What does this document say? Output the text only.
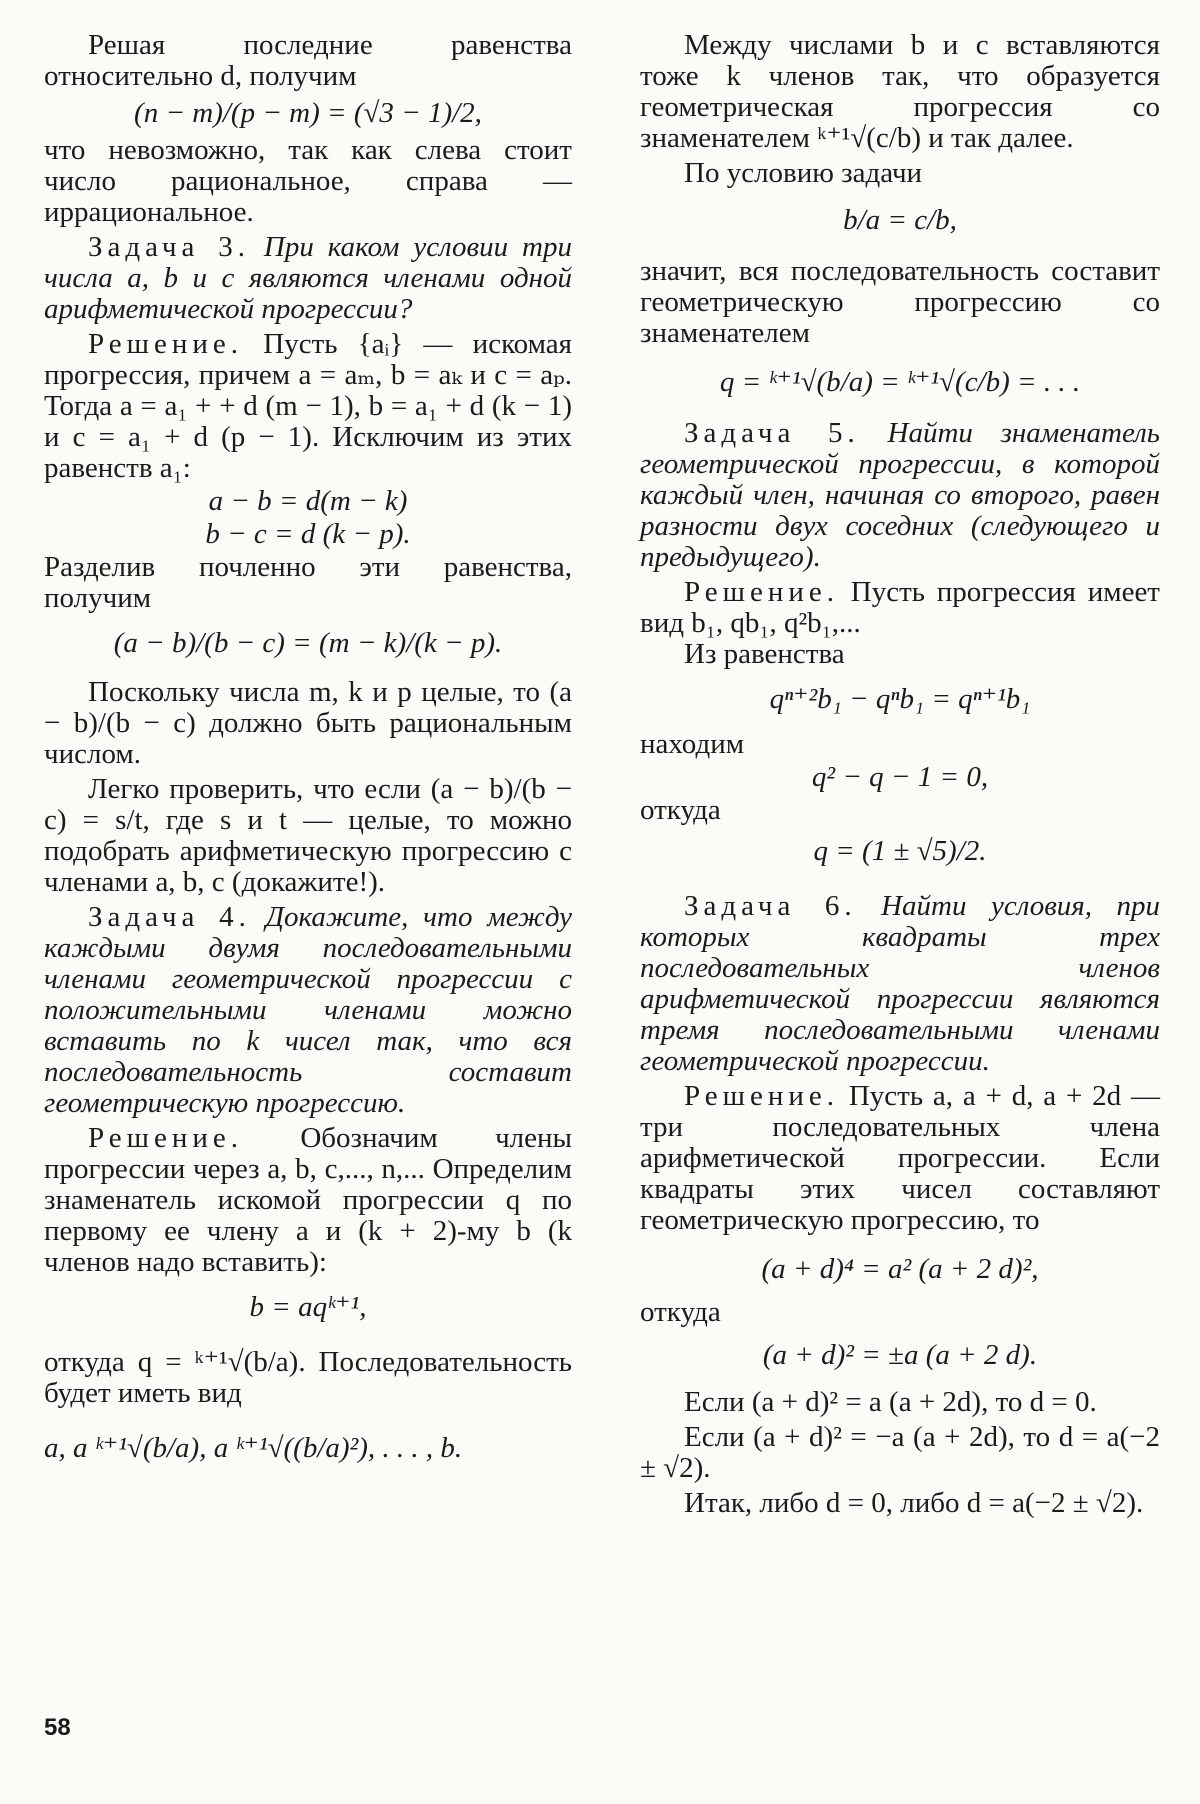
Решая последние равенства относительно d, получим

(n − m)/(p − m) = (√3 − 1)/2,

что невозможно, так как слева стоит число рациональное, справа — иррациональное.

Задача 3. При каком условии три числа a, b и c являются членами одной арифметической прогрессии?

Решение. Пусть {aᵢ} — искомая прогрессия, причем a = aₘ, b = aₖ и c = aₚ. Тогда a = a₁ + + d (m − 1), b = a₁ + d (k − 1) и c = a₁ + d (p − 1). Исключим из этих равенств a₁:

a − b = d(m − k)
b − c = d (k − p).

Разделив почленно эти равенства, получим

(a − b)/(b − c) = (m − k)/(k − p).

Поскольку числа m, k и p целые, то (a − b)/(b − c) должно быть рациональным числом.

Легко проверить, что если (a − b)/(b − c) = s/t, где s и t — целые, то можно подобрать арифметическую прогрессию с членами a, b, c (докажите!).

Задача 4. Докажите, что между каждыми двумя последовательными членами геометрической прогрессии с положительными членами можно вставить по k чисел так, что вся последовательность составит геометрическую прогрессию.

Решение. Обозначим члены прогрессии через a, b, c,..., n,... Определим знаменатель искомой прогрессии q по первому ее члену a и (k + 2)-му b (k членов надо вставить):

b = aqᵏ⁺¹,

откуда q = ᵏ⁺¹√(b/a). Последовательность будет иметь вид

a, a ᵏ⁺¹√(b/a), a ᵏ⁺¹√((b/a)²), . . . , b.

Между числами b и c вставляются тоже k членов так, что образуется геометрическая прогрессия со знаменателем ᵏ⁺¹√(c/b) и так далее.

По условию задачи

b/a = c/b,

значит, вся последовательность составит геометрическую прогрессию со знаменателем

q = ᵏ⁺¹√(b/a) = ᵏ⁺¹√(c/b) = . . .

Задача 5. Найти знаменатель геометрической прогрессии, в которой каждый член, начиная со второго, равен разности двух соседних (следующего и предыдущего).

Решение. Пусть прогрессия имеет вид b₁, qb₁, q²b₁,...

Из равенства

qⁿ⁺²b₁ − qⁿb₁ = qⁿ⁺¹b₁

находим

q² − q − 1 = 0,

откуда

q = (1 ± √5)/2.

Задача 6. Найти условия, при которых квадраты трех последовательных членов арифметической прогрессии являются тремя последовательными членами геометрической прогрессии.

Решение. Пусть a, a + d, a + 2d — три последовательных члена арифметической прогрессии. Если квадраты этих чисел составляют геометрическую прогрессию, то

(a + d)⁴ = a² (a + 2 d)²,

откуда

(a + d)² = ±a (a + 2 d).

Если (a + d)² = a (a + 2d), то d = 0.

Если (a + d)² = −a (a + 2d), то d = a(−2 ± √2).

Итак, либо d = 0, либо d = a(−2 ± √2).

58
